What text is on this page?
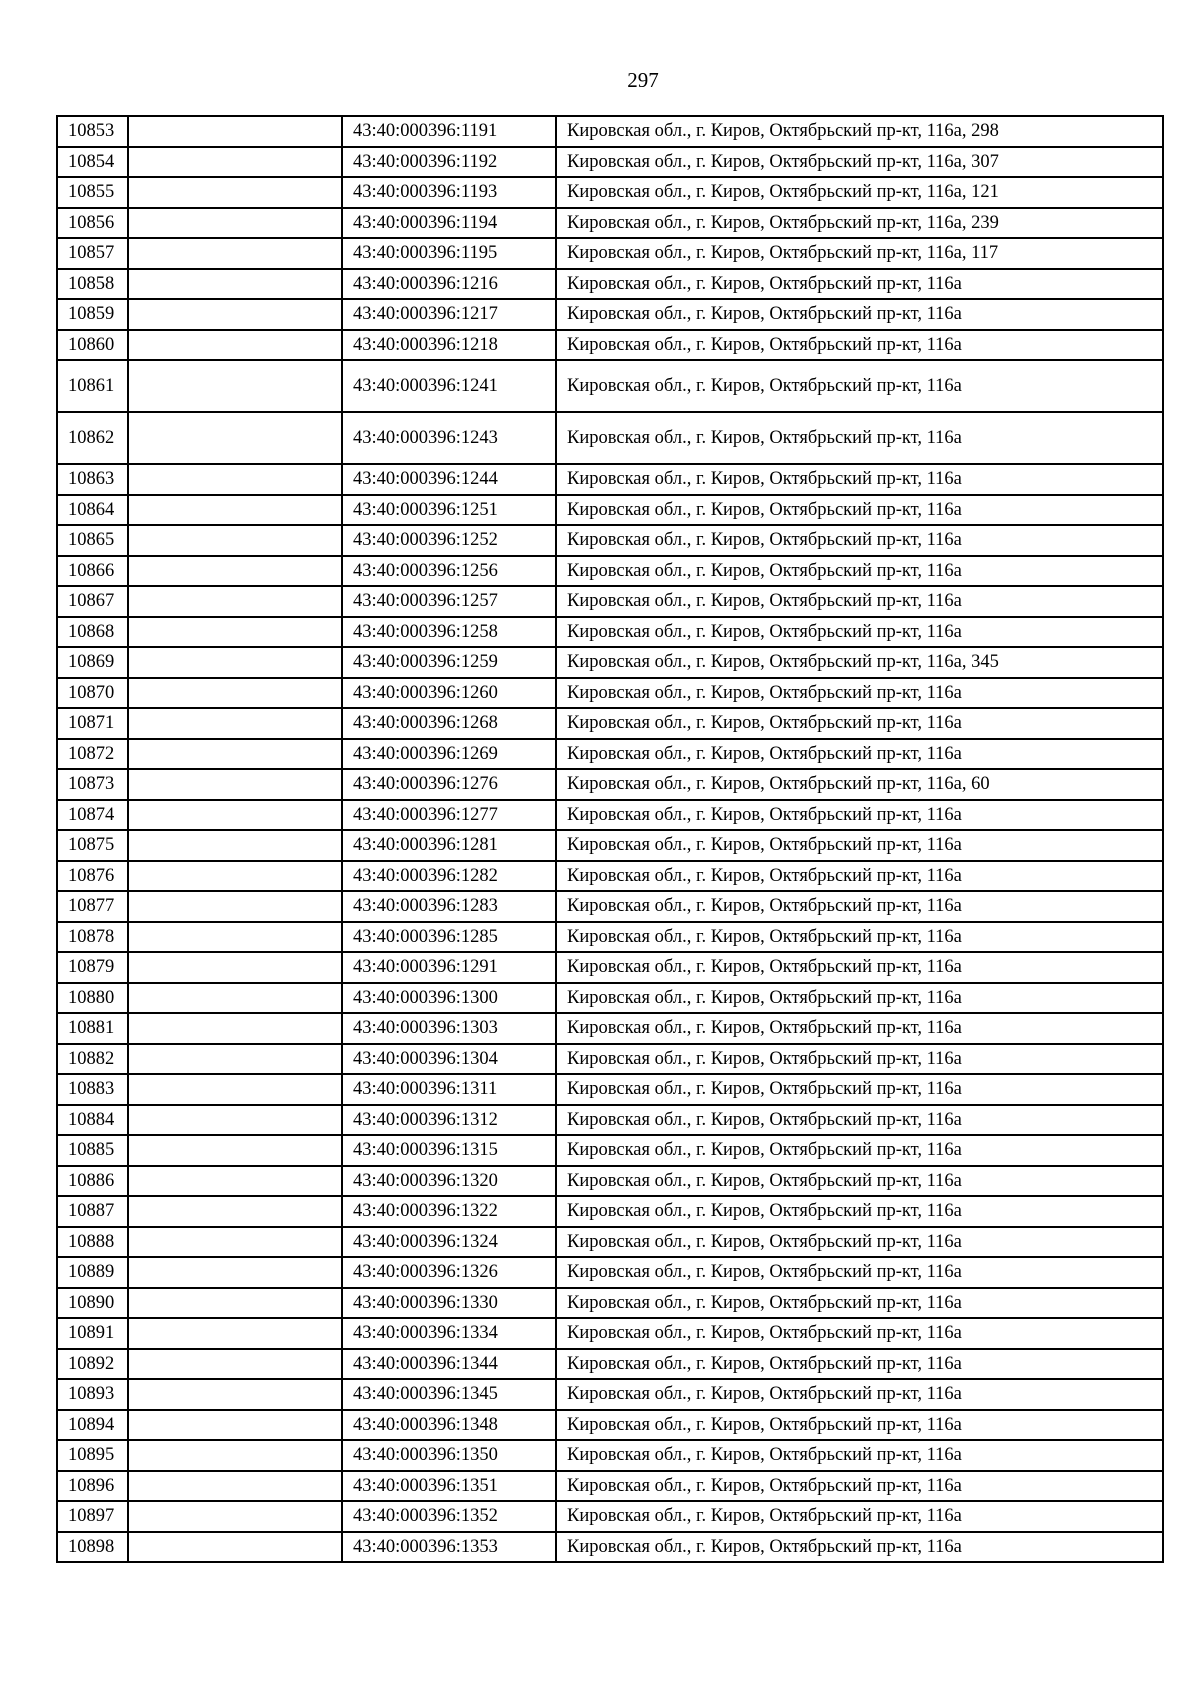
297
10853		43:40:000396:1191	Кировская обл., г. Киров, Октябрьский пр-кт, 116а, 298
10854		43:40:000396:1192	Кировская обл., г. Киров, Октябрьский пр-кт, 116а, 307
10855		43:40:000396:1193	Кировская обл., г. Киров, Октябрьский пр-кт, 116а, 121
10856		43:40:000396:1194	Кировская обл., г. Киров, Октябрьский пр-кт, 116а, 239
10857		43:40:000396:1195	Кировская обл., г. Киров, Октябрьский пр-кт, 116а, 117
10858		43:40:000396:1216	Кировская обл., г. Киров, Октябрьский пр-кт, 116а
10859		43:40:000396:1217	Кировская обл., г. Киров, Октябрьский пр-кт, 116а
10860		43:40:000396:1218	Кировская обл., г. Киров, Октябрьский пр-кт, 116а
10861		43:40:000396:1241	Кировская обл., г. Киров, Октябрьский пр-кт, 116а
10862		43:40:000396:1243	Кировская обл., г. Киров, Октябрьский пр-кт, 116а
10863		43:40:000396:1244	Кировская обл., г. Киров, Октябрьский пр-кт, 116а
10864		43:40:000396:1251	Кировская обл., г. Киров, Октябрьский пр-кт, 116а
10865		43:40:000396:1252	Кировская обл., г. Киров, Октябрьский пр-кт, 116а
10866		43:40:000396:1256	Кировская обл., г. Киров, Октябрьский пр-кт, 116а
10867		43:40:000396:1257	Кировская обл., г. Киров, Октябрьский пр-кт, 116а
10868		43:40:000396:1258	Кировская обл., г. Киров, Октябрьский пр-кт, 116а
10869		43:40:000396:1259	Кировская обл., г. Киров, Октябрьский пр-кт, 116а, 345
10870		43:40:000396:1260	Кировская обл., г. Киров, Октябрьский пр-кт, 116а
10871		43:40:000396:1268	Кировская обл., г. Киров, Октябрьский пр-кт, 116а
10872		43:40:000396:1269	Кировская обл., г. Киров, Октябрьский пр-кт, 116а
10873		43:40:000396:1276	Кировская обл., г. Киров, Октябрьский пр-кт, 116а, 60
10874		43:40:000396:1277	Кировская обл., г. Киров, Октябрьский пр-кт, 116а
10875		43:40:000396:1281	Кировская обл., г. Киров, Октябрьский пр-кт, 116а
10876		43:40:000396:1282	Кировская обл., г. Киров, Октябрьский пр-кт, 116а
10877		43:40:000396:1283	Кировская обл., г. Киров, Октябрьский пр-кт, 116а
10878		43:40:000396:1285	Кировская обл., г. Киров, Октябрьский пр-кт, 116а
10879		43:40:000396:1291	Кировская обл., г. Киров, Октябрьский пр-кт, 116а
10880		43:40:000396:1300	Кировская обл., г. Киров, Октябрьский пр-кт, 116а
10881		43:40:000396:1303	Кировская обл., г. Киров, Октябрьский пр-кт, 116а
10882		43:40:000396:1304	Кировская обл., г. Киров, Октябрьский пр-кт, 116а
10883		43:40:000396:1311	Кировская обл., г. Киров, Октябрьский пр-кт, 116а
10884		43:40:000396:1312	Кировская обл., г. Киров, Октябрьский пр-кт, 116а
10885		43:40:000396:1315	Кировская обл., г. Киров, Октябрьский пр-кт, 116а
10886		43:40:000396:1320	Кировская обл., г. Киров, Октябрьский пр-кт, 116а
10887		43:40:000396:1322	Кировская обл., г. Киров, Октябрьский пр-кт, 116а
10888		43:40:000396:1324	Кировская обл., г. Киров, Октябрьский пр-кт, 116а
10889		43:40:000396:1326	Кировская обл., г. Киров, Октябрьский пр-кт, 116а
10890		43:40:000396:1330	Кировская обл., г. Киров, Октябрьский пр-кт, 116а
10891		43:40:000396:1334	Кировская обл., г. Киров, Октябрьский пр-кт, 116а
10892		43:40:000396:1344	Кировская обл., г. Киров, Октябрьский пр-кт, 116а
10893		43:40:000396:1345	Кировская обл., г. Киров, Октябрьский пр-кт, 116а
10894		43:40:000396:1348	Кировская обл., г. Киров, Октябрьский пр-кт, 116а
10895		43:40:000396:1350	Кировская обл., г. Киров, Октябрьский пр-кт, 116а
10896		43:40:000396:1351	Кировская обл., г. Киров, Октябрьский пр-кт, 116а
10897		43:40:000396:1352	Кировская обл., г. Киров, Октябрьский пр-кт, 116а
10898		43:40:000396:1353	Кировская обл., г. Киров, Октябрьский пр-кт, 116а
